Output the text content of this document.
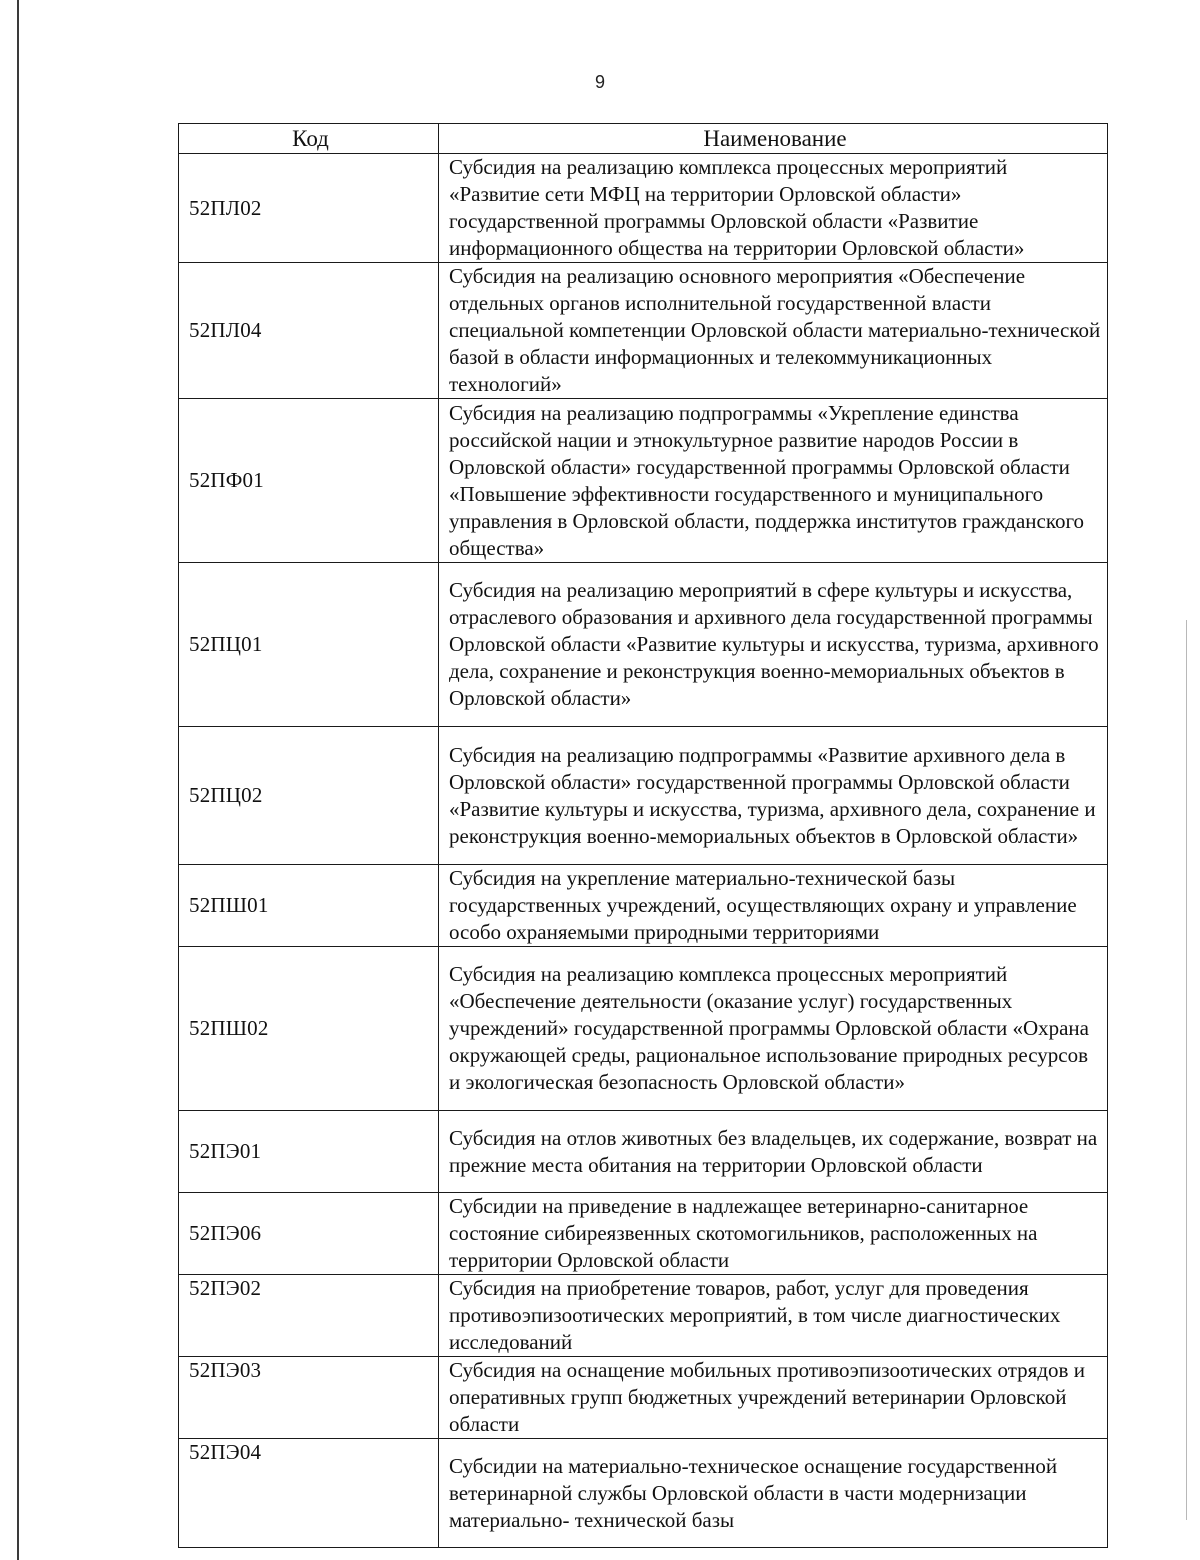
9
Код	Наименование
52ПЛ02	Субсидия на реализацию комплекса процессных мероприятий «Развитие сети МФЦ на территории Орловской области» государственной программы Орловской области «Развитие информационного общества на территории Орловской области»
52ПЛ04	Субсидия на реализацию основного мероприятия «Обеспечение отдельных органов исполнительной государственной власти специальной компетенции Орловской области материально-технической базой в области информационных и телекоммуникационных технологий»
52ПФ01	Субсидия на реализацию подпрограммы «Укрепление единства российской нации и этнокультурное развитие народов России в Орловской области» государственной программы Орловской области «Повышение эффективности государственного и муниципального управления в Орловской области, поддержка институтов гражданского общества»
52ПЦ01	Субсидия на реализацию мероприятий в сфере культуры и искусства, отраслевого образования и архивного дела государственной программы Орловской области «Развитие культуры и искусства, туризма, архивного дела, сохранение и реконструкция военно-мемориальных объектов в Орловской области»
52ПЦ02	Субсидия на реализацию подпрограммы «Развитие архивного дела в Орловской области» государственной программы Орловской области «Развитие культуры и искусства, туризма, архивного дела, сохранение и реконструкция военно-мемориальных объектов в Орловской области»
52ПШ01	Субсидия на укрепление материально-технической базы государственных учреждений, осуществляющих охрану и управление особо охраняемыми природными территориями
52ПШ02	Субсидия на реализацию комплекса процессных мероприятий «Обеспечение деятельности (оказание услуг) государственных учреждений» государственной программы Орловской области «Охрана окружающей среды, рациональное использование природных ресурсов и экологическая безопасность Орловской области»
52ПЭ01	Субсидия на отлов животных без владельцев, их содержание, возврат на прежние места обитания на территории Орловской области
52ПЭ06	Субсидии на приведение в надлежащее ветеринарно-санитарное состояние сибиреязвенных скотомогильников, расположенных на территории Орловской области
52ПЭ02	Субсидия на приобретение товаров, работ, услуг для проведения противоэпизоотических мероприятий, в том числе диагностических исследований
52ПЭ03	Субсидия на оснащение мобильных противоэпизоотических отрядов и оперативных групп бюджетных учреждений ветеринарии Орловской области
52ПЭ04	Субсидии на материально-техническое оснащение государственной ветеринарной службы Орловской области в части модернизации материально- технической базы
